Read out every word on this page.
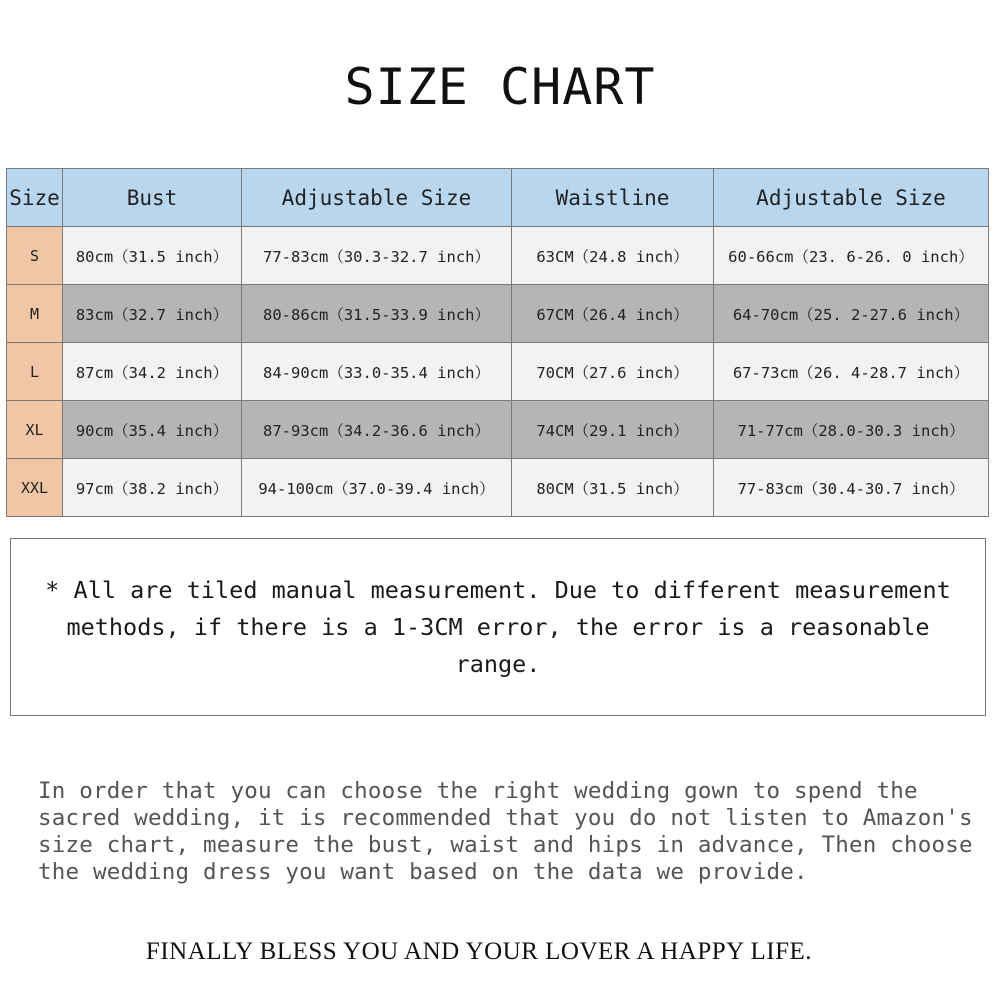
SIZE CHART
Size	Bust	Adjustable Size	Waistline	Adjustable Size
S	80cm（31.5 inch）	77-83cm（30.3-32.7 inch）	63CM（24.8 inch）	60-66cm（23. 6-26. 0 inch）
M	83cm（32.7 inch）	80-86cm（31.5-33.9 inch）	67CM（26.4 inch）	64-70cm（25. 2-27.6 inch）
L	87cm（34.2 inch）	84-90cm（33.0-35.4 inch）	70CM（27.6 inch）	67-73cm（26. 4-28.7 inch）
XL	90cm（35.4 inch）	87-93cm（34.2-36.6 inch）	74CM（29.1 inch）	71-77cm（28.0-30.3 inch）
XXL	97cm（38.2 inch）	94-100cm（37.0-39.4 inch）	80CM（31.5 inch）	77-83cm（30.4-30.7 inch）
* All are tiled manual measurement. Due to different measurement methods, if there is a 1-3CM error, the error is a reasonable range.
In order that you can choose the right wedding gown to spend the sacred wedding, it is recommended that you do not listen to Amazon's size chart, measure the bust, waist and hips in advance, Then choose the wedding dress you want based on the data we provide.
FINALLY BLESS YOU AND YOUR LOVER A HAPPY LIFE.
